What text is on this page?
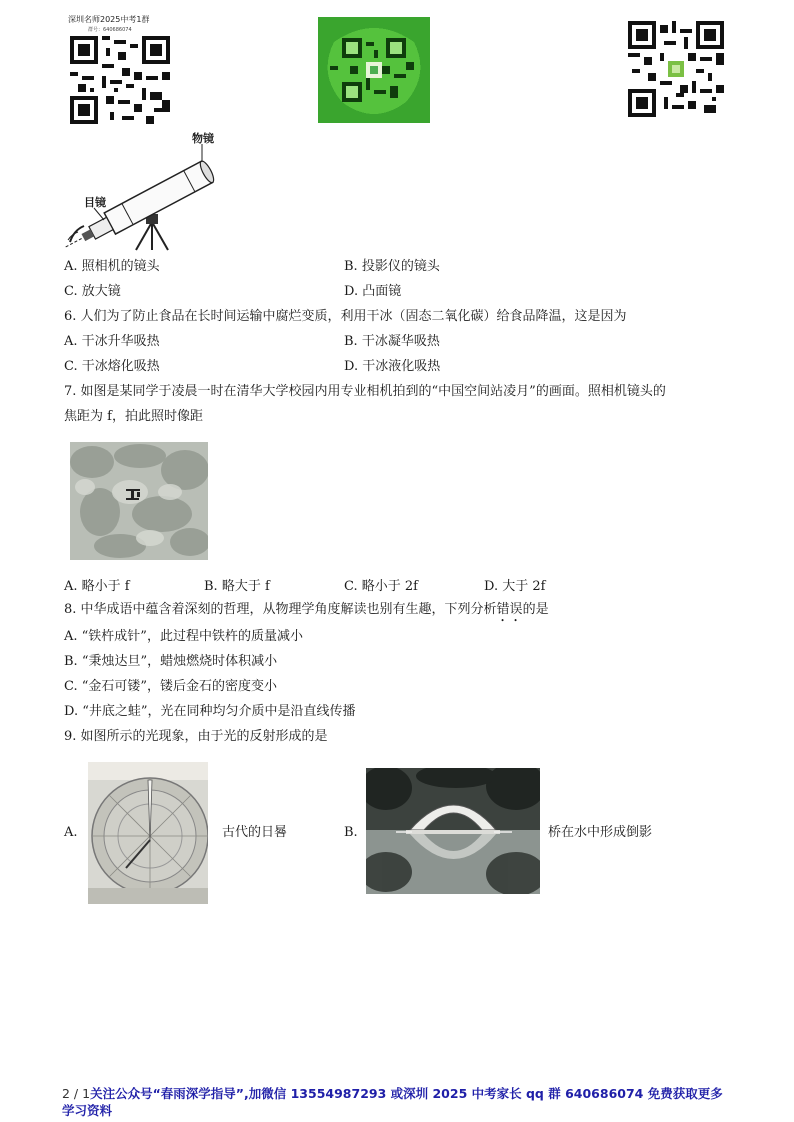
深圳名师2025中考1群
群号：640686074
物镜
目镜
A. 照相机的镜头	B. 投影仪的镜头
C. 放大镜	D. 凸面镜
6. 人们为了防止食品在长时间运输中腐烂变质，利用干冰（固态二氧化碳）给食品降温，这是因为
A. 干冰升华吸热	B. 干冰凝华吸热
C. 干冰熔化吸热	D. 干冰液化吸热
7. 如图是某同学于凌晨一时在清华大学校园内用专业相机拍到的“中国空间站凌月”的画面。照相机镜头的
焦距为 f，拍此照时像距
A. 略小于 f	B. 略大于 f	C. 略小于 2f	D. 大于 2f
8. 中华成语中蕴含着深刻的哲理，从物理学角度解读也别有生趣，下列分析错误的是
A. “铁杵成针”，此过程中铁杵的质量减小
B. “秉烛达旦”，蜡烛燃烧时体积减小
C. “金石可镂”，镂后金石的密度变小
D. “井底之蛙”，光在同种均匀介质中是沿直线传播
9. 如图所示的光现象，由于光的反射形成的是
A.	古代的日晷	B.	桥在水中形成倒影
2 / 1关注公众号“春雨深学指导”,加微信 13554987293 或深圳 2025 中考家长 qq 群 640686074 免费获取更多
学习资料
